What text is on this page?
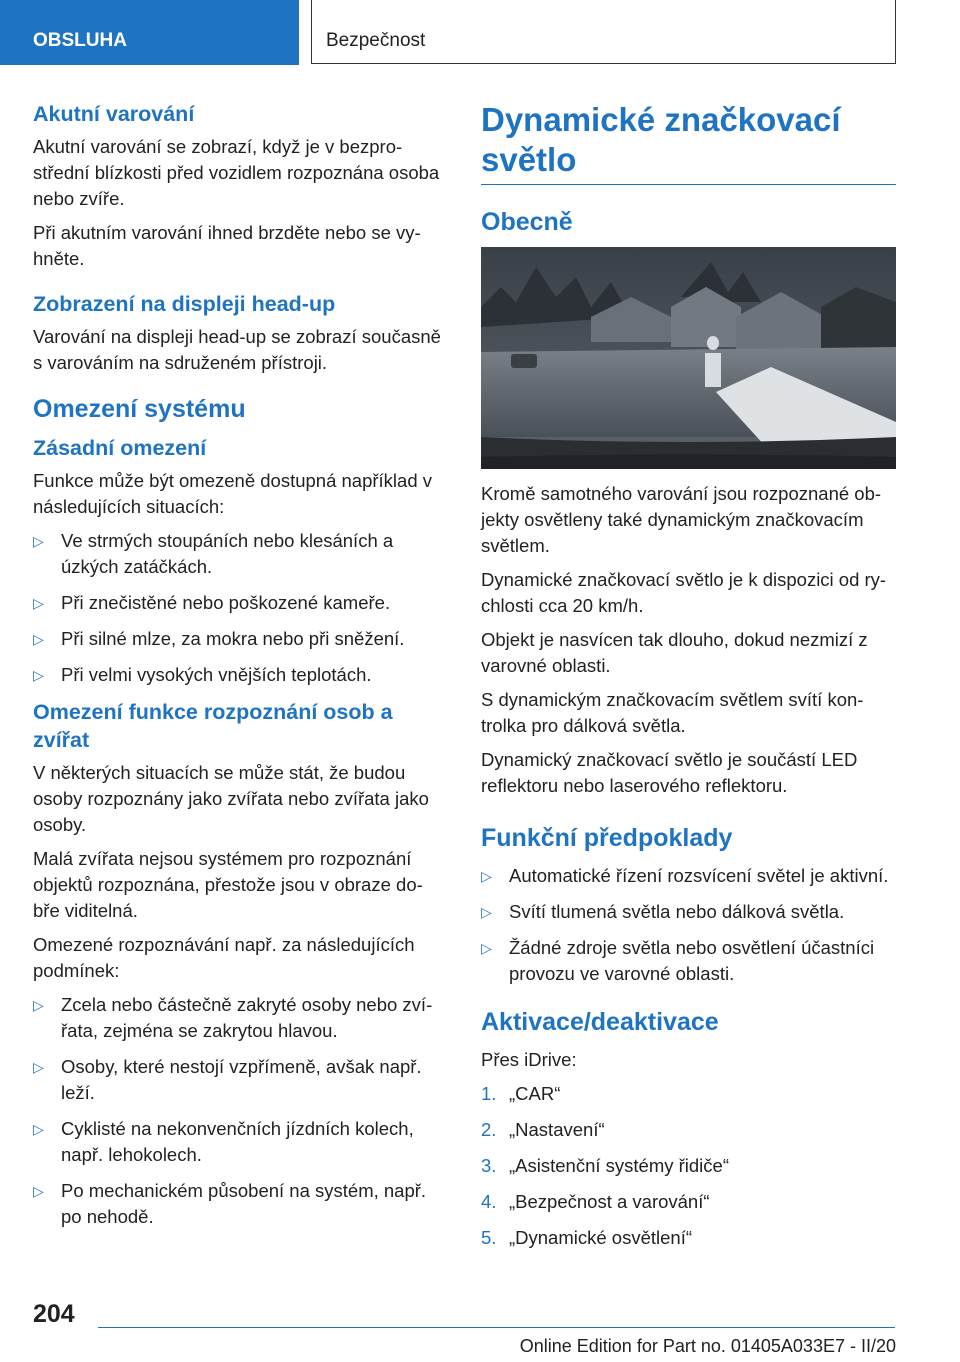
OBSLUHA	Bezpečnost
Akutní varování

Akutní varování se zobrazí, když je v bezpro-střední blízkosti před vozidlem rozpoznána osoba nebo zvíře.

Při akutním varování ihned brzděte nebo se vy-hněte.

Zobrazení na displeji head-up

Varování na displeji head-up se zobrazí současně s varováním na sdruženém přístroji.

Omezení systému
Zásadní omezení

Funkce může být omezeně dostupná například v následujících situacích:

▷ Ve strmých stoupáních nebo klesáních a úzkých zatáčkách.
▷ Při znečistěné nebo poškozené kameře.
▷ Při silné mlze, za mokra nebo při sněžení.
▷ Při velmi vysokých vnějších teplotách.
Omezení funkce rozpoznání osob a zvířat

V některých situacích se může stát, že budou osoby rozpoznány jako zvířata nebo zvířata jako osoby.

Malá zvířata nejsou systémem pro rozpoznání objektů rozpoznána, přestože jsou v obraze do-bře viditelná.

Omezené rozpoznávání např. za následujících podmínek:

▷ Zcela nebo částečně zakryté osoby nebo zví-řata, zejména se zakrytou hlavou.
▷ Osoby, které nestojí vzpřímeně, avšak např. leží.
▷ Cyklisté na nekonvenčních jízdních kolech, např. lehokolech.
▷ Po mechanickém působení na systém, např. po nehodě.
Dynamické značkovací světlo
Obecně

Kromě samotného varování jsou rozpoznané ob-jekty osvětleny také dynamickým značkovacím světlem.

Dynamické značkovací světlo je k dispozici od ry-chlosti cca 20 km/h.

Objekt je nasvícen tak dlouho, dokud nezmizí z varovné oblasti.

S dynamickým značkovacím světlem svítí kon-trolka pro dálková světla.

Dynamický značkovací světlo je součástí LED reflektoru nebo laserového reflektoru.

Funkční předpoklady
▷ Automatické řízení rozsvícení světel je aktivní.
▷ Svítí tlumená světla nebo dálková světla.
▷ Žádné zdroje světla nebo osvětlení účastníci provozu ve varovné oblasti.
Aktivace/deaktivace

Přes iDrive:

1. „CAR“
2. „Nastavení“
3. „Asistenční systémy řidiče“
4. „Bezpečnost a varování“
5. „Dynamické osvětlení“
204
Online Edition for Part no. 01405A033E7 - II/20
